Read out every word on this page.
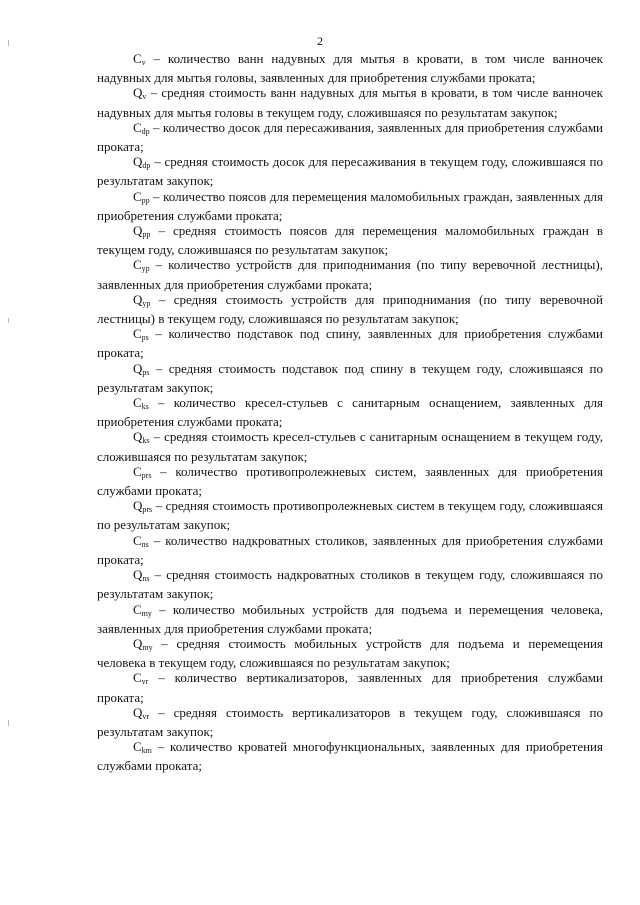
2

$C_v$ – количество ванн надувных для мытья в кровати, в том числе ванночек надувных для мытья головы, заявленных для приобретения службами проката;

$Q_v$ – средняя стоимость ванн надувных для мытья в кровати, в том числе ванночек надувных для мытья головы в текущем году, сложившаяся по результатам закупок;

$C_{dp}$ – количество досок для пересаживания, заявленных для приобретения службами проката;

$Q_{dp}$ – средняя стоимость досок для пересаживания в текущем году, сложившаяся по результатам закупок;

$C_{pp}$ – количество поясов для перемещения маломобильных граждан, заявленных для приобретения службами проката;

$Q_{pp}$ – средняя стоимость поясов для перемещения маломобильных граждан в текущем году, сложившаяся по результатам закупок;

$C_{yp}$ – количество устройств для приподнимания (по типу веревочной лестницы), заявленных для приобретения службами проката;

$Q_{yp}$ – средняя стоимость устройств для приподнимания (по типу веревочной лестницы) в текущем году, сложившаяся по результатам закупок;

$C_{ps}$ – количество подставок под спину, заявленных для приобретения службами проката;

$Q_{ps}$ – средняя стоимость подставок под спину в текущем году, сложившаяся по результатам закупок;

$C_{ks}$ – количество кресел-стульев с санитарным оснащением, заявленных для приобретения службами проката;

$Q_{ks}$ – средняя стоимость кресел-стульев с санитарным оснащением в текущем году, сложившаяся по результатам закупок;

$C_{prs}$ – количество противопролежневых систем, заявленных для приобретения службами проката;

$Q_{prs}$ – средняя стоимость противопролежневых систем в текущем году, сложившаяся по результатам закупок;

$C_{ns}$ – количество надкроватных столиков, заявленных для приобретения службами проката;

$Q_{ns}$ – средняя стоимость надкроватных столиков в текущем году, сложившаяся по результатам закупок;

$C_{my}$ – количество мобильных устройств для подъема и перемещения человека, заявленных для приобретения службами проката;

$Q_{my}$ – средняя стоимость мобильных устройств для подъема и перемещения человека в текущем году, сложившаяся по результатам закупок;

$C_{vr}$ – количество вертикализаторов, заявленных для приобретения службами проката;

$Q_{vr}$ – средняя стоимость вертикализаторов в текущем году, сложившаяся по результатам закупок;

$C_{km}$ – количество кроватей многофункциональных, заявленных для приобретения службами проката;
